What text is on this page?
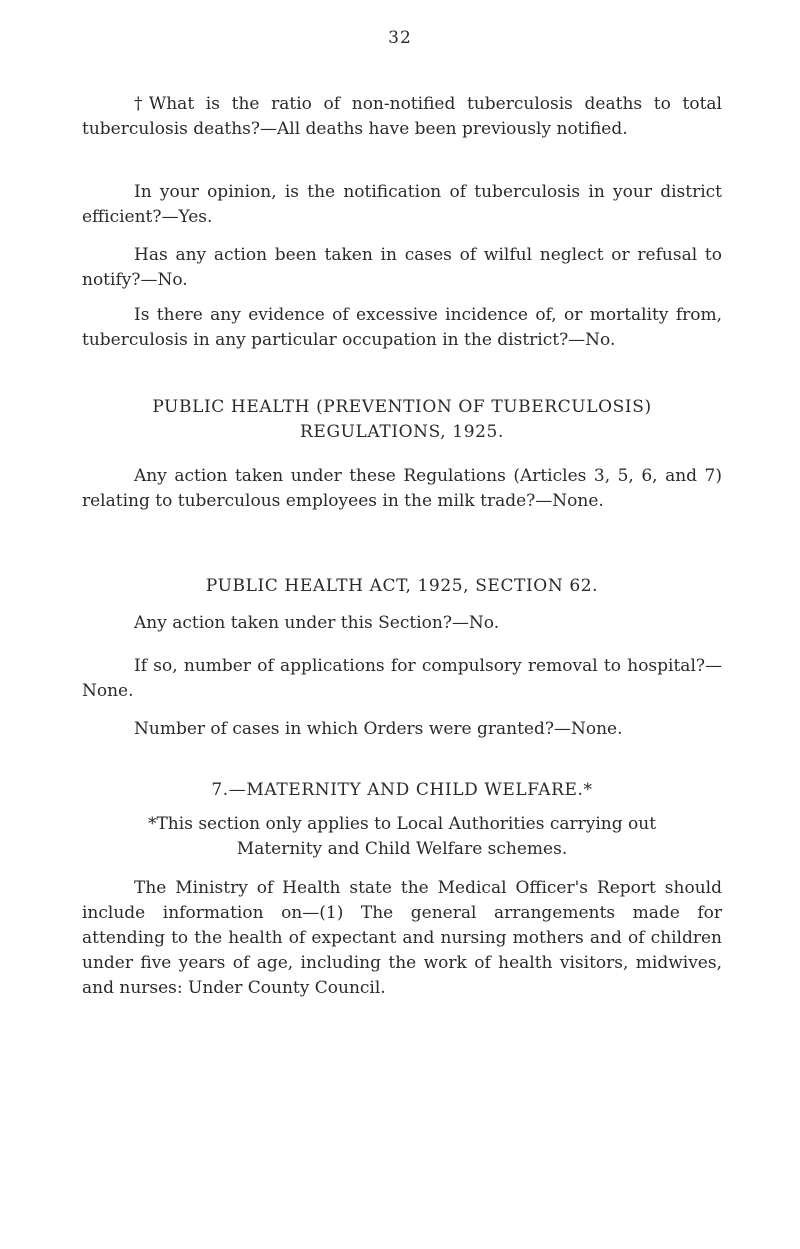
32

†What is the ratio of non-notified tuberculosis deaths to total tuberculosis deaths?—All deaths have been previously notified.

In your opinion, is the notification of tuberculosis in your district efficient?—Yes.

Has any action been taken in cases of wilful neglect or refusal to notify?—No.

Is there any evidence of excessive incidence of, or mortality from, tuberculosis in any particular occupation in the district?—No.

PUBLIC HEALTH (PREVENTION OF TUBERCULOSIS)

REGULATIONS, 1925.

Any action taken under these Regulations (Articles 3, 5, 6, and 7) relating to tuberculous employees in the milk trade?—None.

PUBLIC HEALTH ACT, 1925, SECTION 62.

Any action taken under this Section?—No.

If so, number of applications for compulsory removal to hospital?—None.

Number of cases in which Orders were granted?—None.

7.—MATERNITY AND CHILD WELFARE.*

*This section only applies to Local Authorities carrying out Maternity and Child Welfare schemes.

The Ministry of Health state the Medical Officer's Report should include information on—(1) The general arrangements made for attending to the health of expectant and nursing mothers and of children under five years of age, including the work of health visitors, midwives, and nurses: Under County Council.
